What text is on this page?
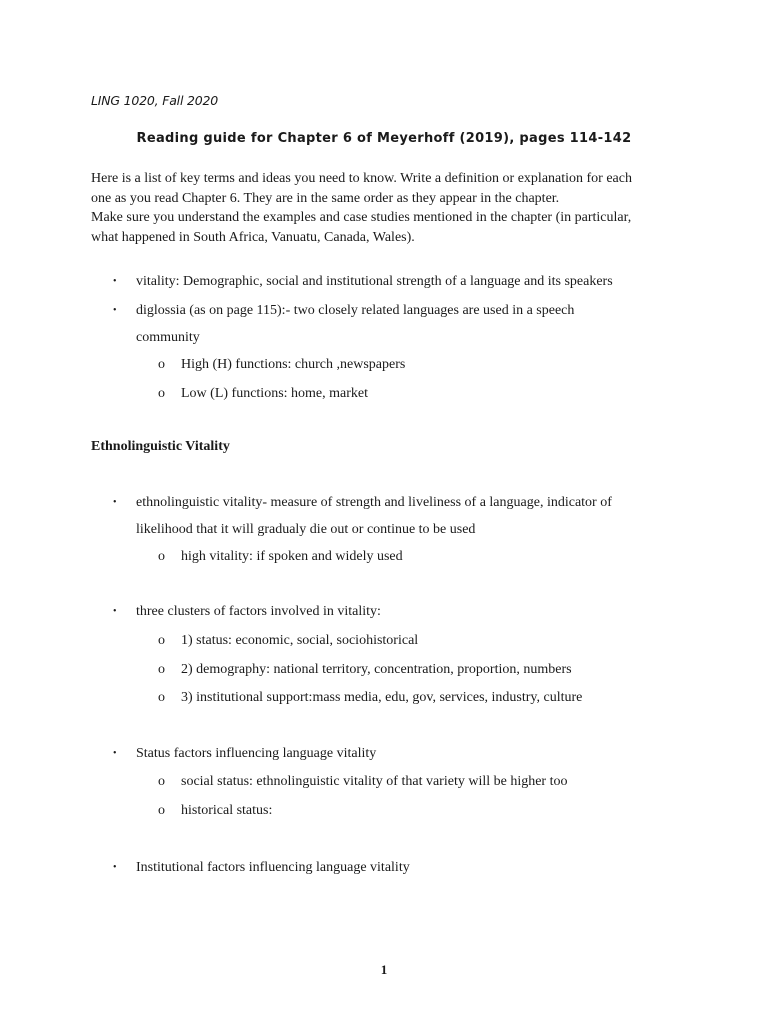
LING 1020, Fall 2020
Reading guide for Chapter 6 of Meyerhoff (2019), pages 114-142

Here is a list of key terms and ideas you need to know. Write a definition or explanation for each

one as you read Chapter 6. They are in the same order as they appear in the chapter.

Make sure you understand the examples and case studies mentioned in the chapter (in particular,

what happened in South Africa, Vanuatu, Canada, Wales).

• vitality: Demographic, social and institutional strength of a language and its speakers
• diglossia (as on page 115):- two closely related languages are used in a speech
community
o High (H) functions: church ,newspapers
o Low (L) functions: home, market
Ethnolinguistic Vitality
• ethnolinguistic vitality- measure of strength and liveliness of a language, indicator of
likelihood that it will gradualy die out or continue to be used
o high vitality: if spoken and widely used
• three clusters of factors involved in vitality:
o 1) status: economic, social, sociohistorical
o 2) demography: national territory, concentration, proportion, numbers
o 3) institutional support:mass media, edu, gov, services, industry, culture
• Status factors influencing language vitality
o social status: ethnolinguistic vitality of that variety will be higher too
o historical status:
• Institutional factors influencing language vitality
1
